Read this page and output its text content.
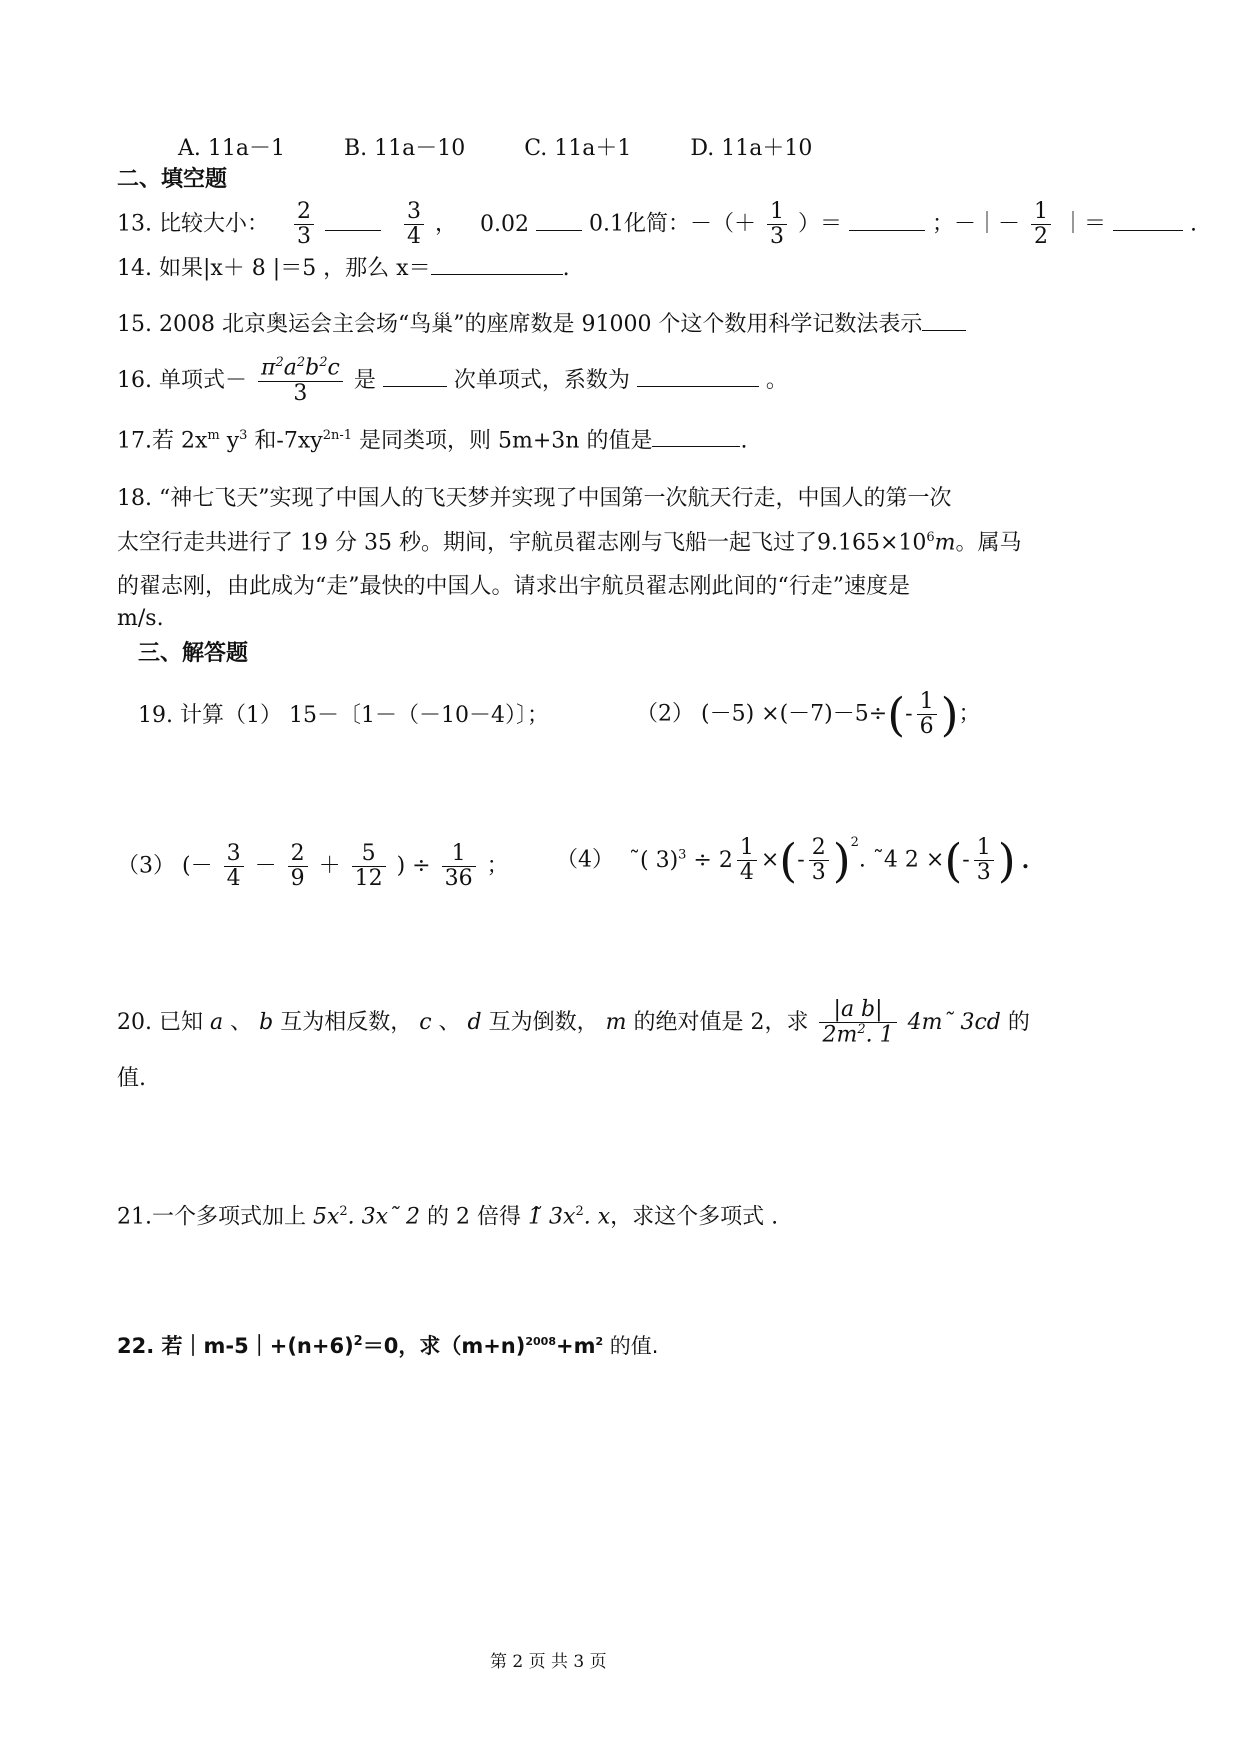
A. 11a－1	B. 11a－10	C. 11a＋1	D. 11a＋10
二、填空题
13. 比较大小： $\frac{2}{3}$
	$\frac{3}{4}$ ， 0.02	0.1化简：－（＋ $\frac{1}{3}$ ）＝	；－｜－ $\frac{1}{2}$ ｜＝	.
14. 如果|x＋ 8 |＝5 ，那么 x＝	.
15. 2008 北京奥运会主会场“鸟巢”的座席数是 91000 个这个数用科学记数法表示
16. 单项式－ $\frac{\pi^2a^2b^2c}{3}$ 是	次单项式，系数为	。
17.若 $2x^m$ $y^3$ 和$-7xy^{2n-1}$ 是同类项，则 5m+3n 的值是	.
18. “神七飞天”实现了中国人的飞天梦并实现了中国第一次航天行走，中国人的第一次
太空行走共进行了 19 分 35 秒。期间，宇航员翟志刚与飞船一起飞过了$9.165\times 10^6m$。属马
的翟志刚，由此成为“走”最快的中国人。请求出宇航员翟志刚此间的“行走”速度是
m/s.
三、解答题
19. 计算（1） 15－〔1－（－10－4）〕；	（2） $(-5) \times(-7)-5\div(- \frac{1}{6}$ )；
（3） (－ $\frac{3}{4} - \frac{2}{9} + \frac{5}{12}$ ) ÷ $\frac{1}{36}$ ； （4） ˜( $3)^3 \div 2 \frac{1}{4}$ ×(- $\frac{2}{3} )^2$. ˜4 2 ×(- $\frac{1}{3}$ ) .
20. 已知 a 、 b 互为相反数， c 、 d 互为倒数， m 的绝对值是 2，求 $\frac{\text{|a b|}}{2m^2. 1}$ 4m˜ 3cd 的
值.
21.一个多项式加上 $5x^2$. 3x˜ 2 的 2 倍得 1̃ $3x^2$. x，求这个多项式 .
22. 若$|m-5|+(n+6)^2=0$，求$(m+n)^{2008}+m^2$ 的值.
第 2 页 共 3 页
